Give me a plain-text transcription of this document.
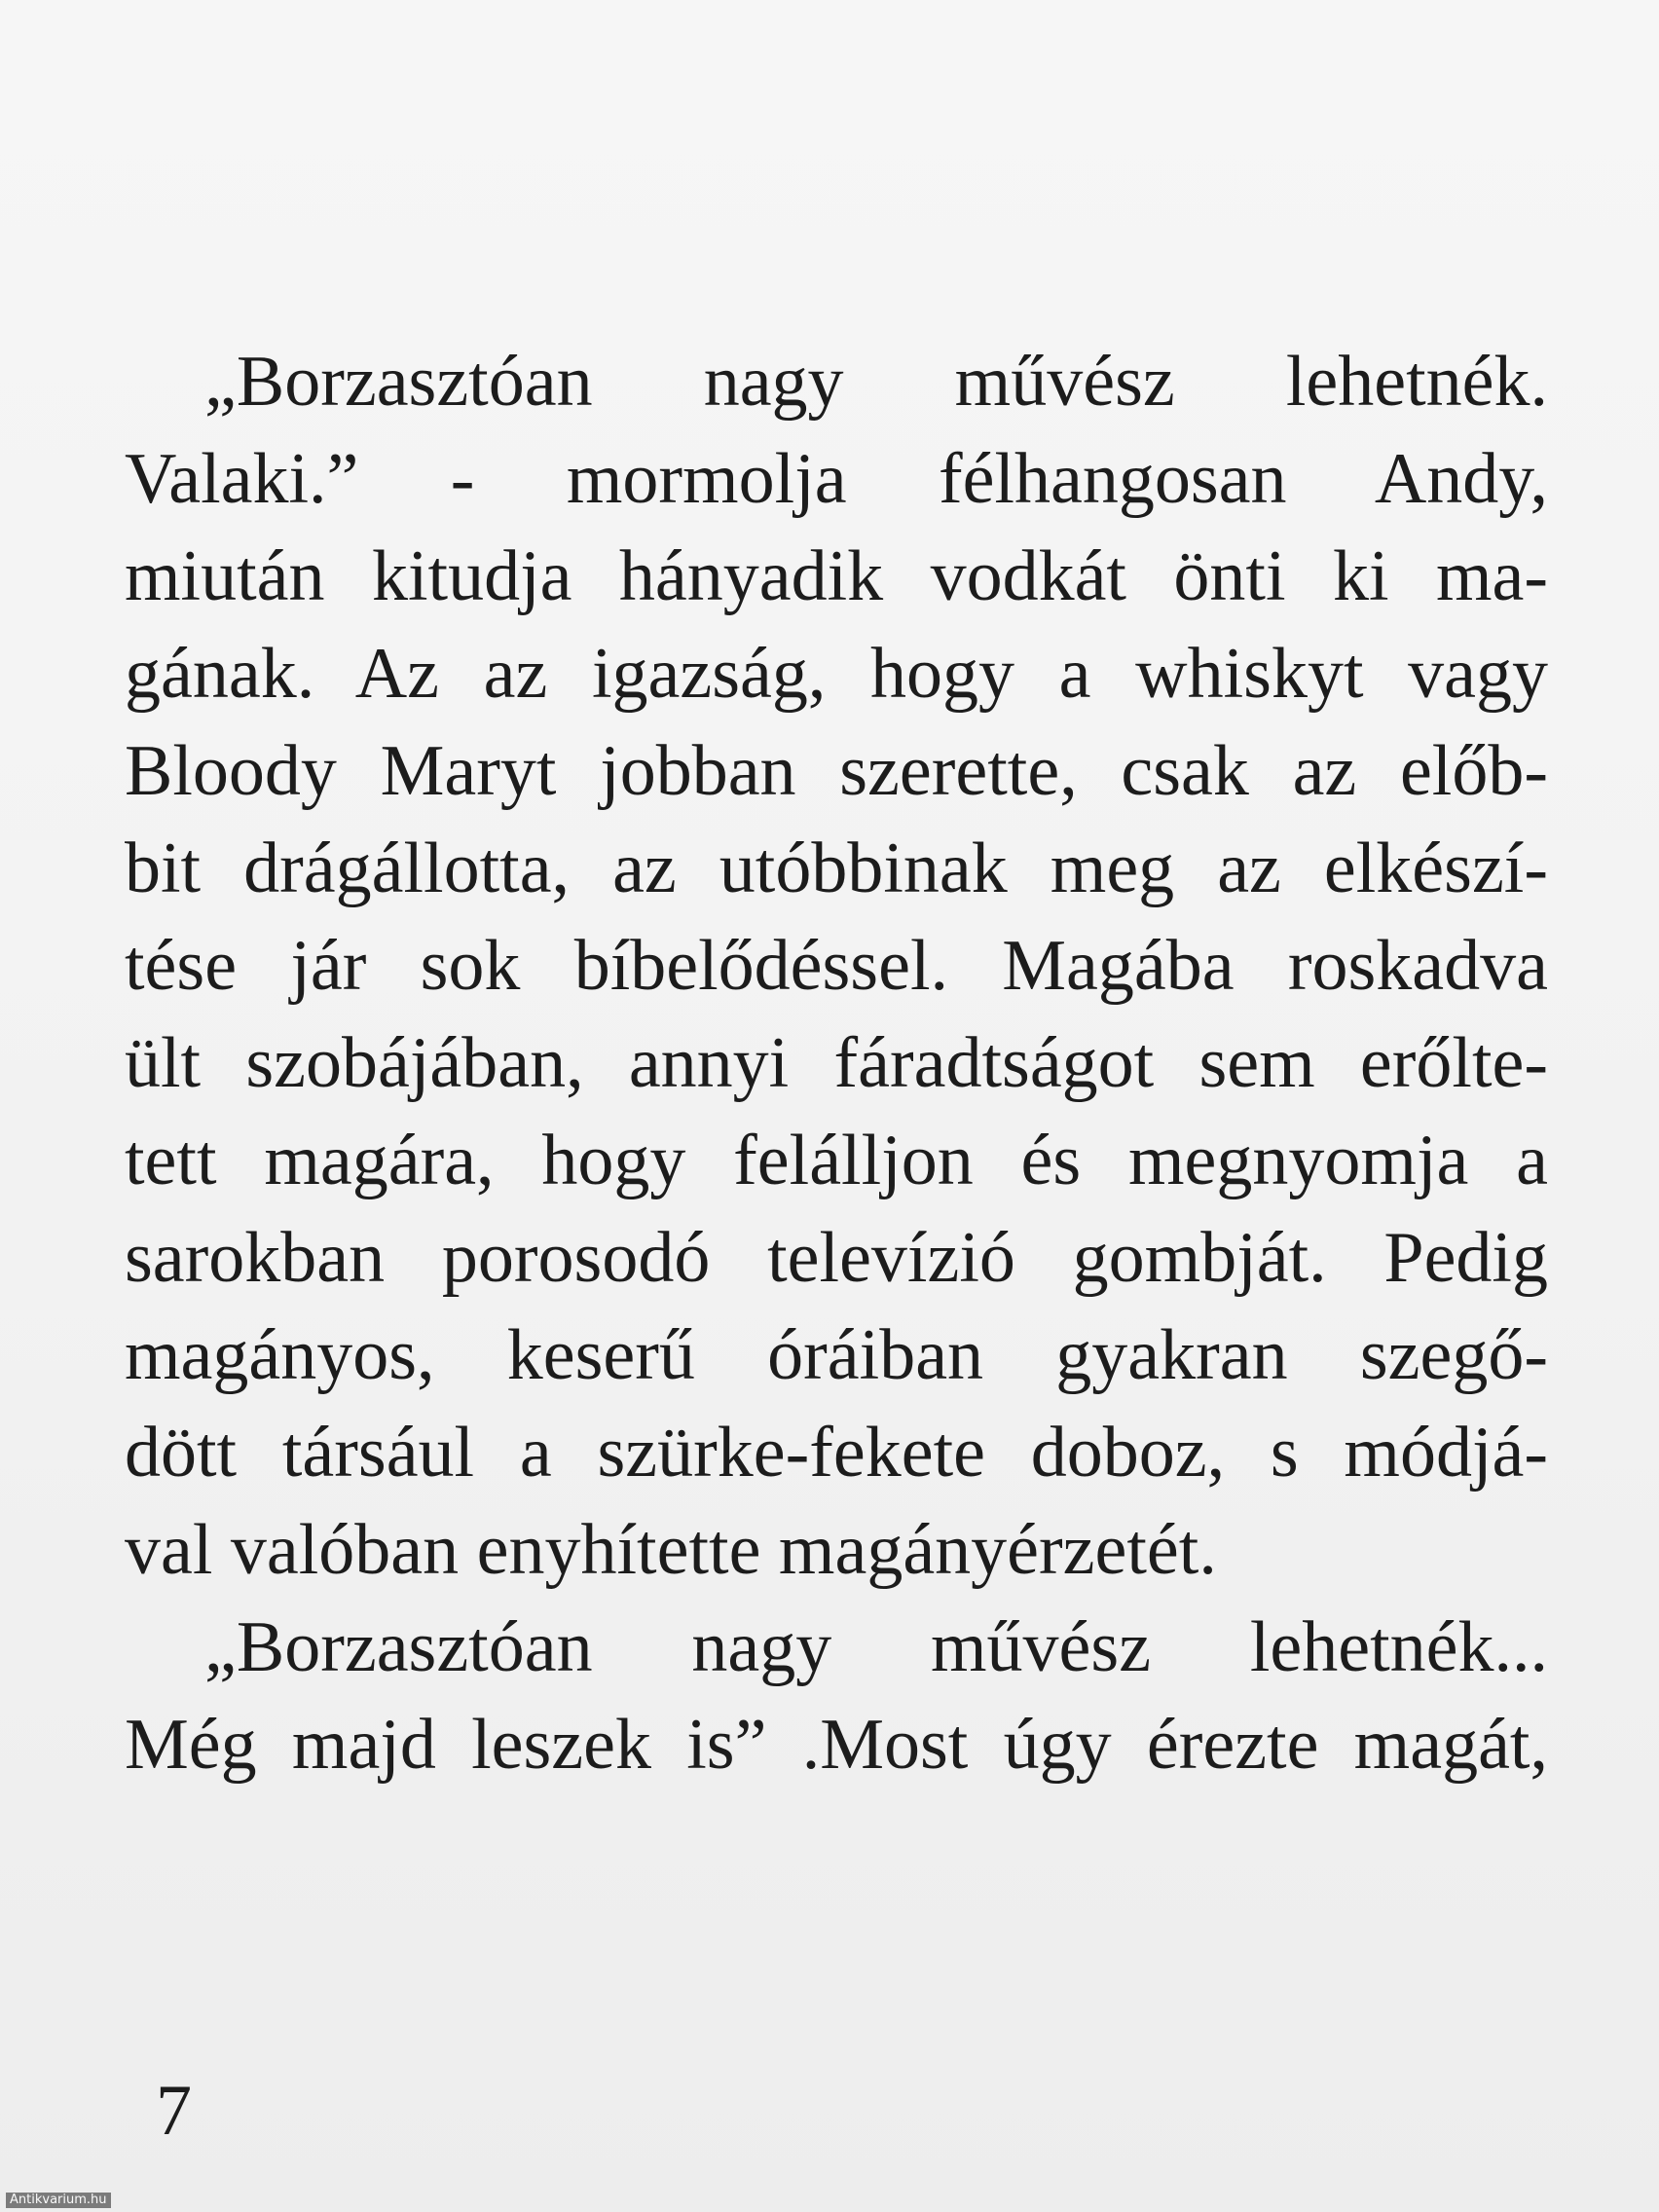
„Borzasztóan nagy művész lehetnék.
Valaki.” - mormolja félhangosan Andy,
miután kitudja hányadik vodkát önti ki ma-
gának. Az az igazság, hogy a whiskyt vagy
Bloody Maryt jobban szerette, csak az előb-
bit drágállotta, az utóbbinak meg az elkészí-
tése jár sok bíbelődéssel. Magába roskadva
ült szobájában, annyi fáradtságot sem erőlte-
tett magára, hogy felálljon és megnyomja a
sarokban porosodó televízió gombját. Pedig
magányos, keserű óráiban gyakran szegő-
dött társául a szürke-fekete doboz, s módjá-
val valóban enyhítette magányérzetét.
„Borzasztóan nagy művész lehetnék...
Még majd leszek is” .Most úgy érezte magát,
7
Antikvarium.hu
